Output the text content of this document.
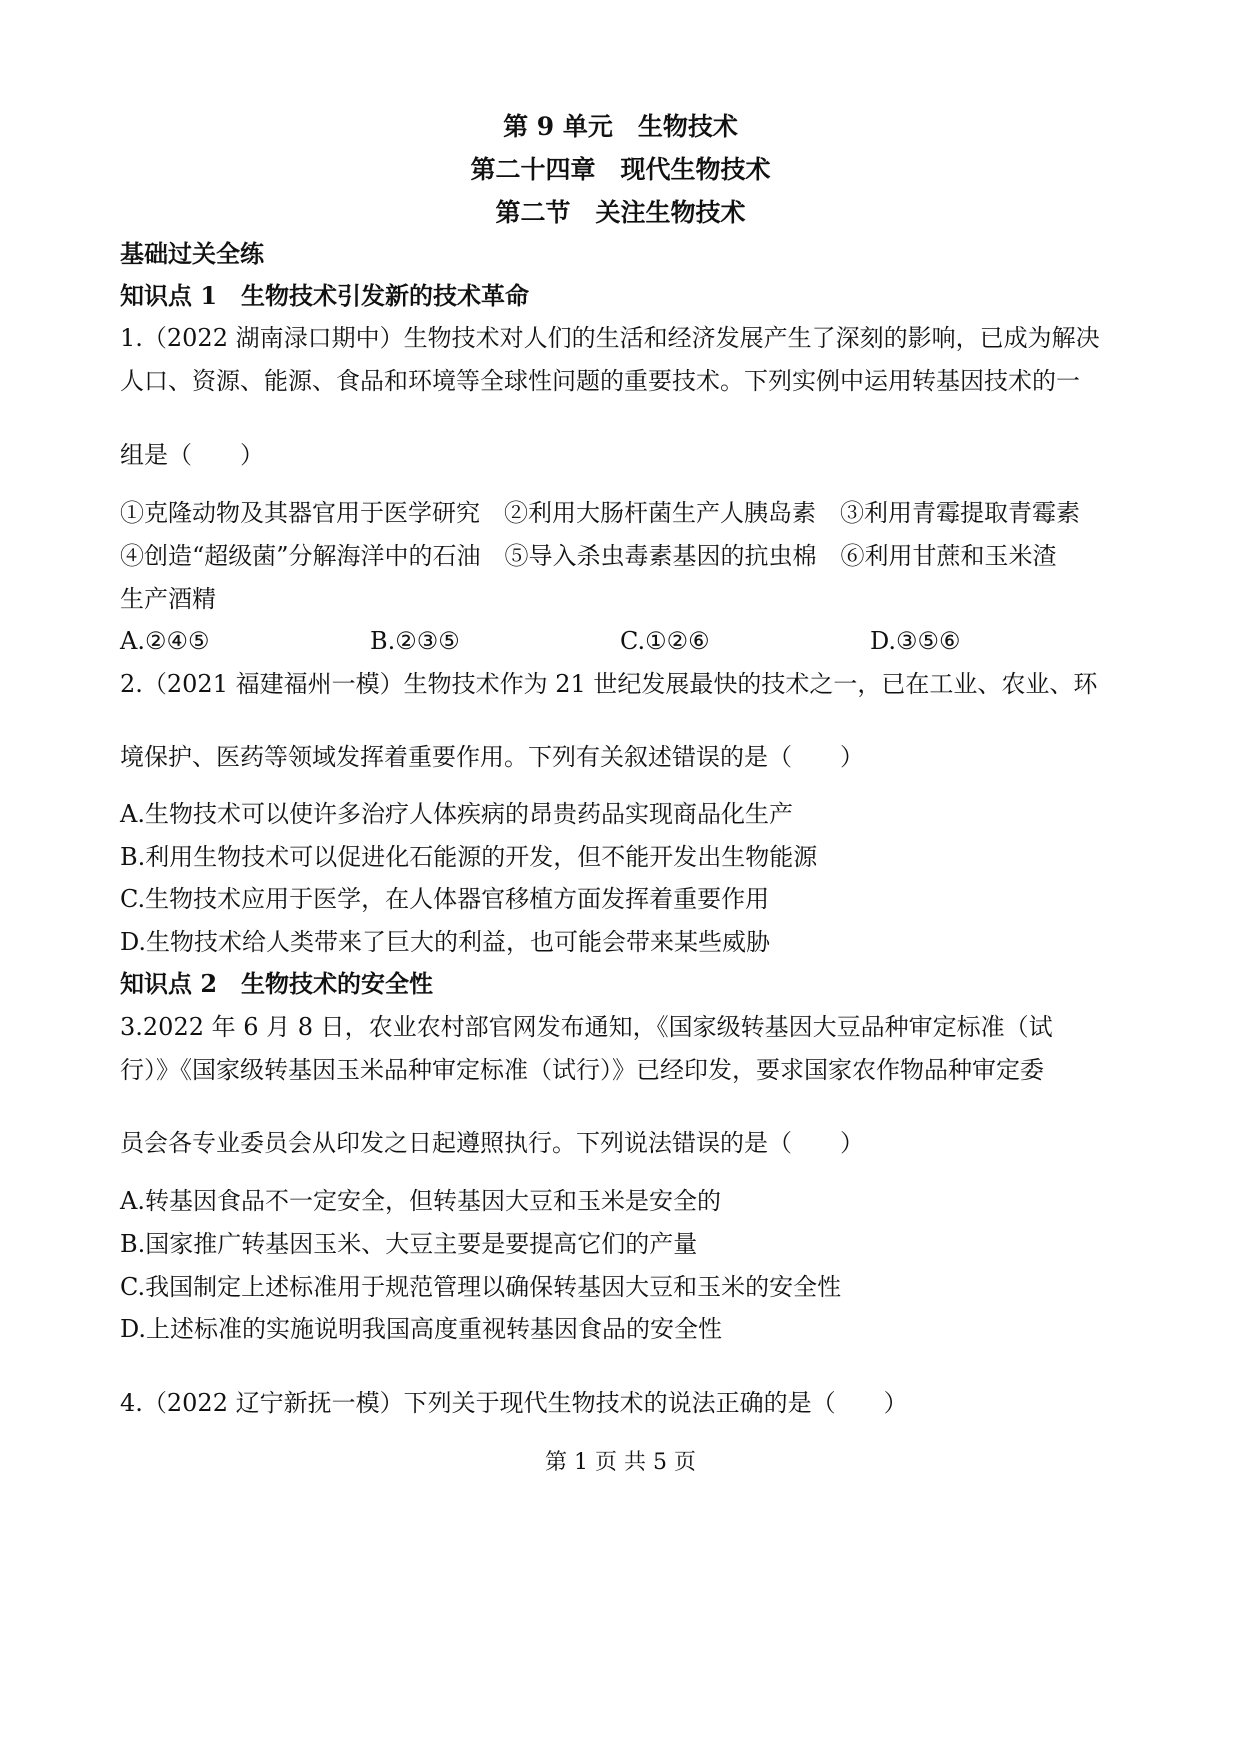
第 9 单元　生物技术
第二十四章　现代生物技术
第二节　关注生物技术
基础过关全练
知识点 1　生物技术引发新的技术革命
1.（2022 湖南渌口期中）生物技术对人们的生活和经济发展产生了深刻的影响，已成为解决
人口、资源、能源、食品和环境等全球性问题的重要技术。下列实例中运用转基因技术的一
组是（　　）
①克隆动物及其器官用于医学研究　②利用大肠杆菌生产人胰岛素　③利用青霉提取青霉素
④创造“超级菌”分解海洋中的石油　⑤导入杀虫毒素基因的抗虫棉　⑥利用甘蔗和玉米渣
生产酒精
A.②④⑤	B.②③⑤	C.①②⑥	D.③⑤⑥
2.（2021 福建福州一模）生物技术作为 21 世纪发展最快的技术之一，已在工业、农业、环
境保护、医药等领域发挥着重要作用。下列有关叙述错误的是（　　）
A.生物技术可以使许多治疗人体疾病的昂贵药品实现商品化生产
B.利用生物技术可以促进化石能源的开发，但不能开发出生物能源
C.生物技术应用于医学，在人体器官移植方面发挥着重要作用
D.生物技术给人类带来了巨大的利益，也可能会带来某些威胁
知识点 2　生物技术的安全性
3.2022 年 6 月 8 日，农业农村部官网发布通知，《国家级转基因大豆品种审定标准（试
行）》《国家级转基因玉米品种审定标准（试行）》已经印发，要求国家农作物品种审定委
员会各专业委员会从印发之日起遵照执行。下列说法错误的是（　　）
A.转基因食品不一定安全，但转基因大豆和玉米是安全的
B.国家推广转基因玉米、大豆主要是要提高它们的产量
C.我国制定上述标准用于规范管理以确保转基因大豆和玉米的安全性
D.上述标准的实施说明我国高度重视转基因食品的安全性
4.（2022 辽宁新抚一模）下列关于现代生物技术的说法正确的是（　　）
第 1 页 共 5 页
